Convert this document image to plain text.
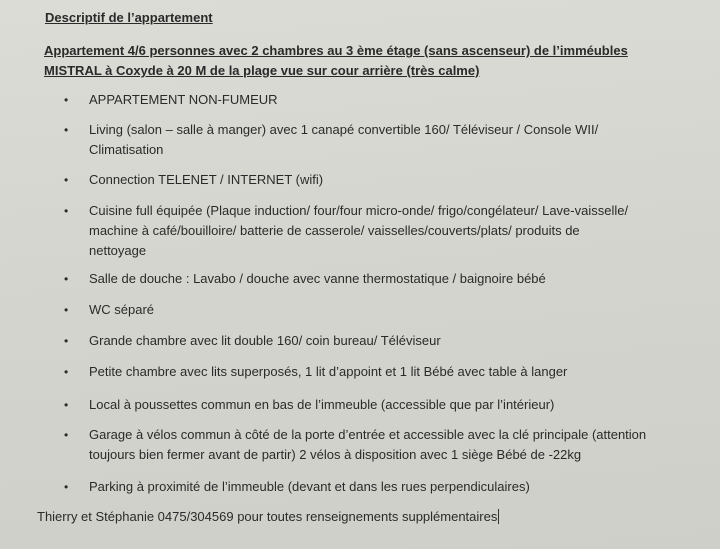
Descriptif de l’appartement
Appartement 4/6 personnes avec 2 chambres au 3 ème étage (sans ascenseur) de l’imméubles
MISTRAL à Coxyde à 20 M de la plage vue sur cour arrière (très calme)
• APPARTEMENT NON-FUMEUR
• Living (salon – salle à manger) avec 1 canapé convertible 160/ Téléviseur / Console WII/
Climatisation
• Connection TELENET / INTERNET (wifi)
• Cuisine full équipée (Plaque induction/ four/four micro-onde/ frigo/congélateur/ Lave-vaisselle/
machine à café/bouilloire/ batterie de casserole/ vaisselles/couverts/plats/ produits de
nettoyage
• Salle de douche : Lavabo / douche avec vanne thermostatique / baignoire bébé
• WC séparé
• Grande chambre avec lit double 160/ coin bureau/ Téléviseur
• Petite chambre avec lits superposés, 1 lit d’appoint et 1 lit Bébé avec table à langer
• Local à poussettes commun en bas de l’immeuble (accessible que par l’intérieur)
• Garage à vélos commun à côté de la porte d’entrée et accessible avec la clé principale (attention
toujours bien fermer avant de partir) 2 vélos à disposition avec 1 siège Bébé de -22kg
• Parking à proximité de l’immeuble (devant et dans les rues perpendiculaires)
Thierry et Stéphanie 0475/304569 pour toutes renseignements supplémentaires
